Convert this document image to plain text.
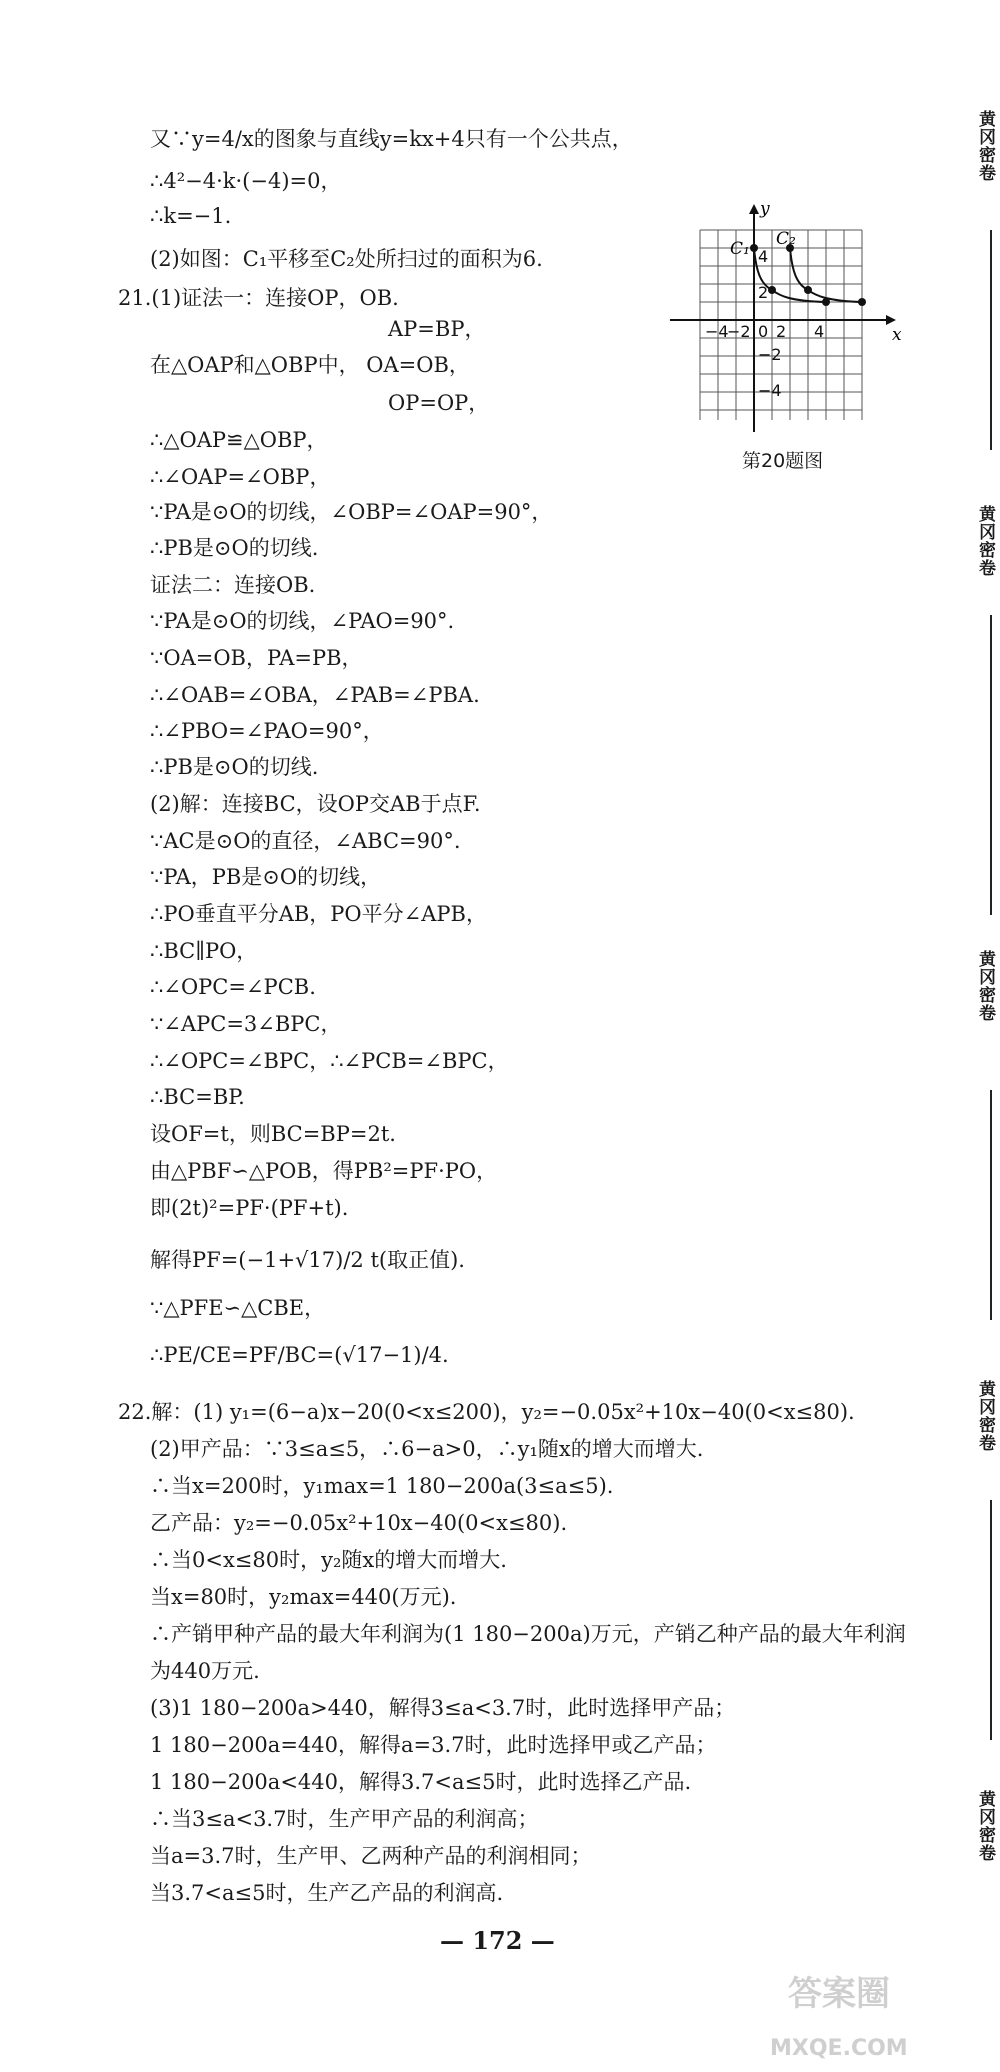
又∵y=4/x的图象与直线y=kx+4只有一个公共点，
∴4²−4·k·(−4)=0，
∴k=−1.
(2)如图：C₁平移至C₂处所扫过的面积为6.
21.(1)证法一：连接OP，OB.
AP=BP，
在△OAP和△OBP中， OA=OB，
OP=OP，
∴△OAP≌△OBP，
∴∠OAP=∠OBP，
∵PA是⊙O的切线，∠OBP=∠OAP=90°，
∴PB是⊙O的切线.
证法二：连接OB.
∵PA是⊙O的切线，∠PAO=90°.
∵OA=OB，PA=PB，
∴∠OAB=∠OBA，∠PAB=∠PBA.
∴∠PBO=∠PAO=90°，
∴PB是⊙O的切线.
(2)解：连接BC，设OP交AB于点F.
∵AC是⊙O的直径，∠ABC=90°.
∵PA，PB是⊙O的切线，
∴PO垂直平分AB，PO平分∠APB，
∴BC∥PO，
∴∠OPC=∠PCB.
∵∠APC=3∠BPC，
∴∠OPC=∠BPC，∴∠PCB=∠BPC，
∴BC=BP.
设OF=t，则BC=BP=2t.
由△PBF∽△POB，得PB²=PF·PO，
即(2t)²=PF·(PF+t).
解得PF=(−1+√17)/2 t(取正值).
∵△PFE∽△CBE，
∴PE/CE=PF/BC=(√17−1)/4.
22.解：(1) y₁=(6−a)x−20(0<x≤200)，y₂=−0.05x²+10x−40(0<x≤80).
(2)甲产品：∵3≤a≤5，∴6−a>0，∴y₁随x的增大而增大.
∴当x=200时，y₁max=1 180−200a(3≤a≤5).
乙产品：y₂=−0.05x²+10x−40(0<x≤80).
∴当0<x≤80时，y₂随x的增大而增大.
当x=80时，y₂max=440(万元).
∴产销甲种产品的最大年利润为(1 180−200a)万元，产销乙种产品的最大年利润
为440万元.
(3)1 180−200a>440，解得3≤a<3.7时，此时选择甲产品；
1 180−200a=440，解得a=3.7时，此时选择甲或乙产品；
1 180−200a<440，解得3.7<a≤5时，此时选择乙产品.
∴当3≤a<3.7时，生产甲产品的利润高；
当a=3.7时，生产甲、乙两种产品的利润相同；
当3.7<a≤5时，生产乙产品的利润高.
x
y
−4
−2 0 2 4
4
2
−2
−4
C₁ C₂
第20题图
黄冈密卷
黄冈密卷
黄冈密卷
黄冈密卷
黄冈密卷
— 172 —
答案圈
MXQE.COM
